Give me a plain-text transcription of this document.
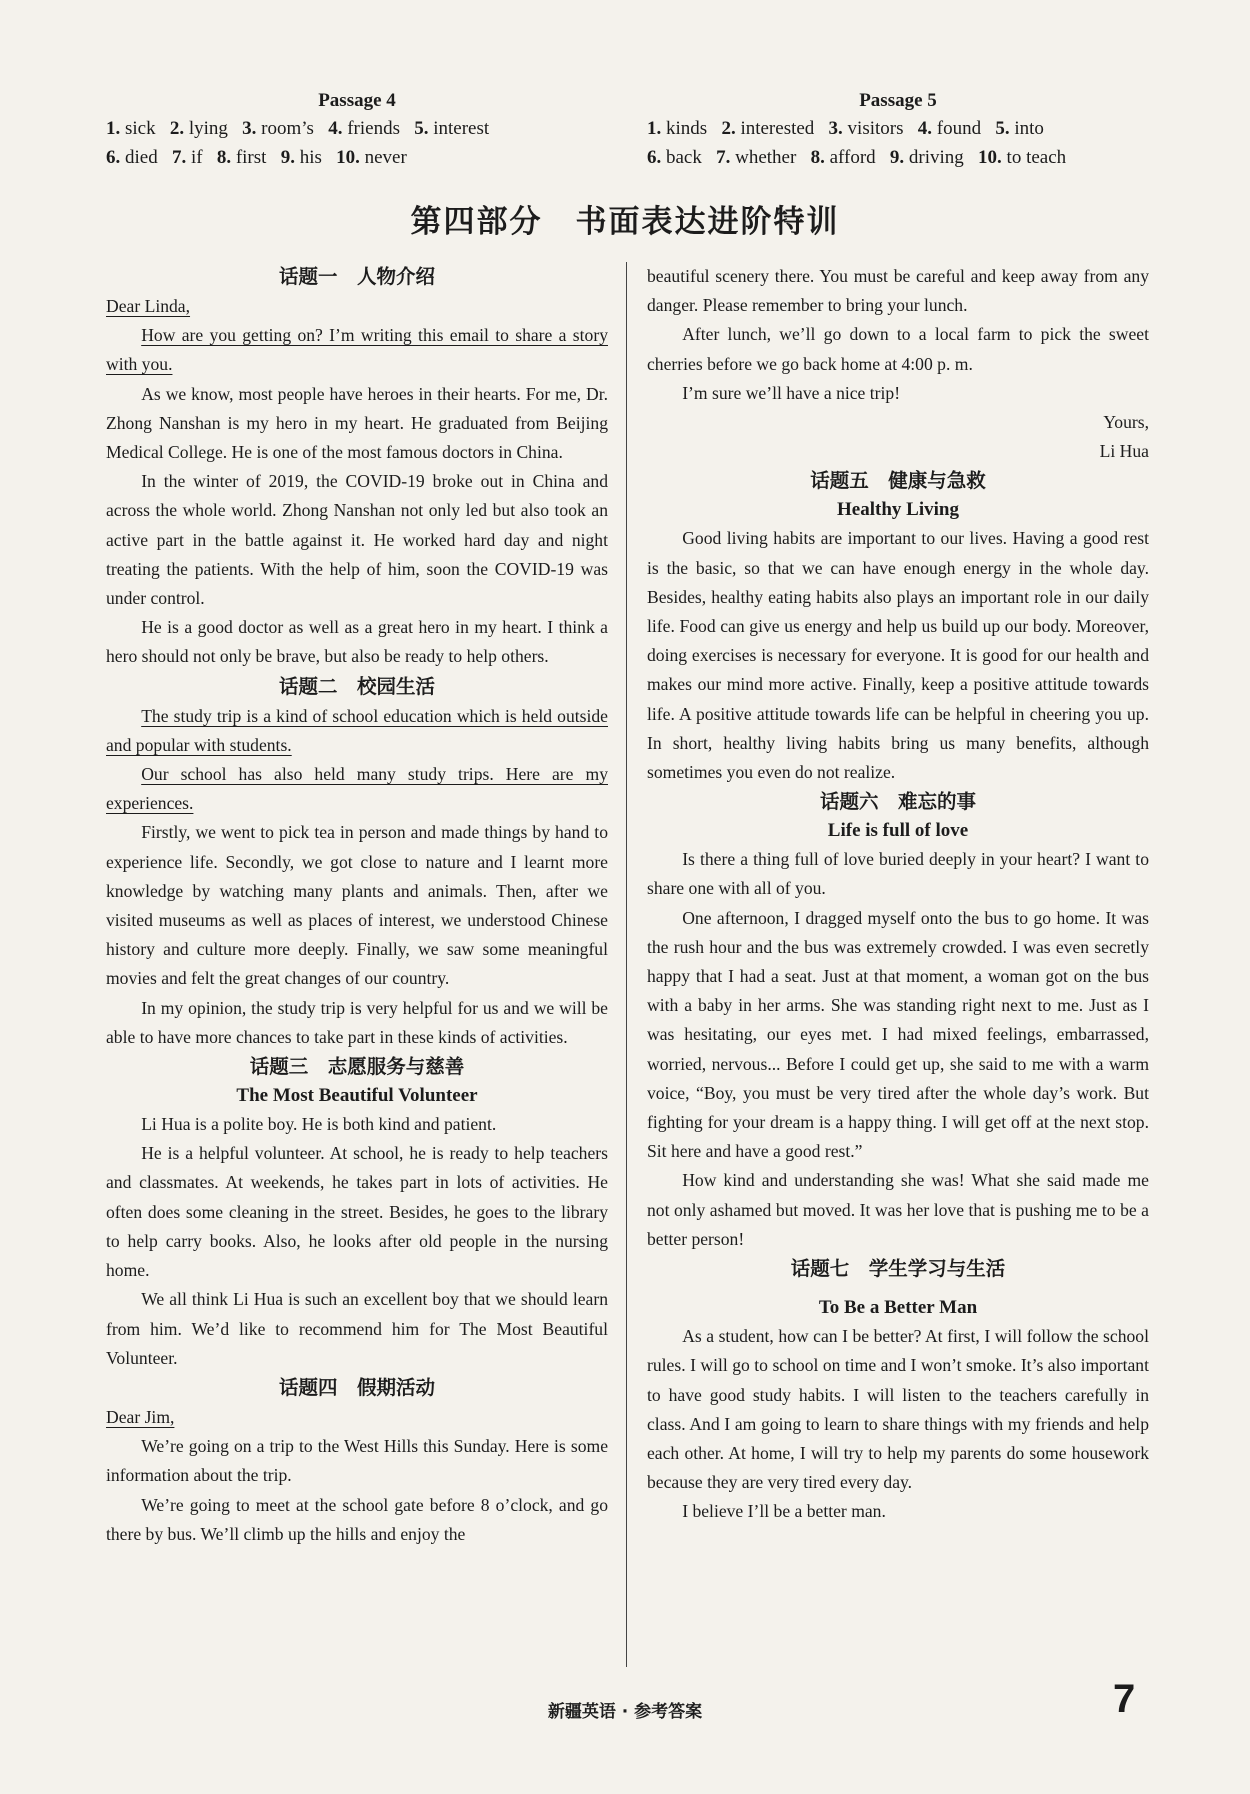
Passage 4
1. sick 2. lying 3. room’s 4. friends 5. interest
6. died 7. if 8. first 9. his 10. never
话题一　人物介绍

Dear Linda,

How are you getting on? I’m writing this email to share a story with you.

As we know, most people have heroes in their hearts. For me, Dr. Zhong Nanshan is my hero in my heart. He graduated from Beijing Medical College. He is one of the most famous doctors in China.

In the winter of 2019, the COVID-19 broke out in China and across the whole world. Zhong Nanshan not only led but also took an active part in the battle against it. He worked hard day and night treating the patients. With the help of him, soon the COVID-19 was under control.

He is a good doctor as well as a great hero in my heart. I think a hero should not only be brave, but also be ready to help others.

话题二　校园生活

The study trip is a kind of school education which is held outside and popular with students.

Our school has also held many study trips. Here are my experiences.

Firstly, we went to pick tea in person and made things by hand to experience life. Secondly, we got close to nature and I learnt more knowledge by watching many plants and animals. Then, after we visited museums as well as places of interest, we understood Chinese history and culture more deeply. Finally, we saw some meaningful movies and felt the great changes of our country.

In my opinion, the study trip is very helpful for us and we will be able to have more chances to take part in these kinds of activities.

话题三　志愿服务与慈善
The Most Beautiful Volunteer

Li Hua is a polite boy. He is both kind and patient.

He is a helpful volunteer. At school, he is ready to help teachers and classmates. At weekends, he takes part in lots of activities. He often does some cleaning in the street. Besides, he goes to the library to help carry books. Also, he looks after old people in the nursing home.

We all think Li Hua is such an excellent boy that we should learn from him. We’d like to recommend him for The Most Beautiful Volunteer.

话题四　假期活动

Dear Jim,

We’re going on a trip to the West Hills this Sunday. Here is some information about the trip.

We’re going to meet at the school gate before 8 o’clock, and go there by bus. We’ll climb up the hills and enjoy the

Passage 5
1. kinds 2. interested 3. visitors 4. found 5. into
6. back 7. whether 8. afford 9. driving 10. to teach

beautiful scenery there. You must be careful and keep away from any danger. Please remember to bring your lunch.

After lunch, we’ll go down to a local farm to pick the sweet cherries before we go back home at 4:00 p. m.

I’m sure we’ll have a nice trip!

Yours,

Li Hua

话题五　健康与急救
Healthy Living

Good living habits are important to our lives. Having a good rest is the basic, so that we can have enough energy in the whole day. Besides, healthy eating habits also plays an important role in our daily life. Food can give us energy and help us build up our body. Moreover, doing exercises is necessary for everyone. It is good for our health and makes our mind more active. Finally, keep a positive attitude towards life. A positive attitude towards life can be helpful in cheering you up. In short, healthy living habits bring us many benefits, although sometimes you even do not realize.

话题六　难忘的事
Life is full of love

Is there a thing full of love buried deeply in your heart? I want to share one with all of you.

One afternoon, I dragged myself onto the bus to go home. It was the rush hour and the bus was extremely crowded. I was even secretly happy that I had a seat. Just at that moment, a woman got on the bus with a baby in her arms. She was standing right next to me. Just as I was hesitating, our eyes met. I had mixed feelings, embarrassed, worried, nervous... Before I could get up, she said to me with a warm voice, “Boy, you must be very tired after the whole day’s work. But fighting for your dream is a happy thing. I will get off at the next stop. Sit here and have a good rest.”

How kind and understanding she was! What she said made me not only ashamed but moved. It was her love that is pushing me to be a better person!

话题七　学生学习与生活
To Be a Better Man

As a student, how can I be better? At first, I will follow the school rules. I will go to school on time and I won’t smoke. It’s also important to have good study habits. I will listen to the teachers carefully in class. And I am going to learn to share things with my friends and help each other. At home, I will try to help my parents do some housework because they are very tired every day.

I believe I’ll be a better man.

第四部分　书面表达进阶特训
新疆英语 · 参考答案	7
